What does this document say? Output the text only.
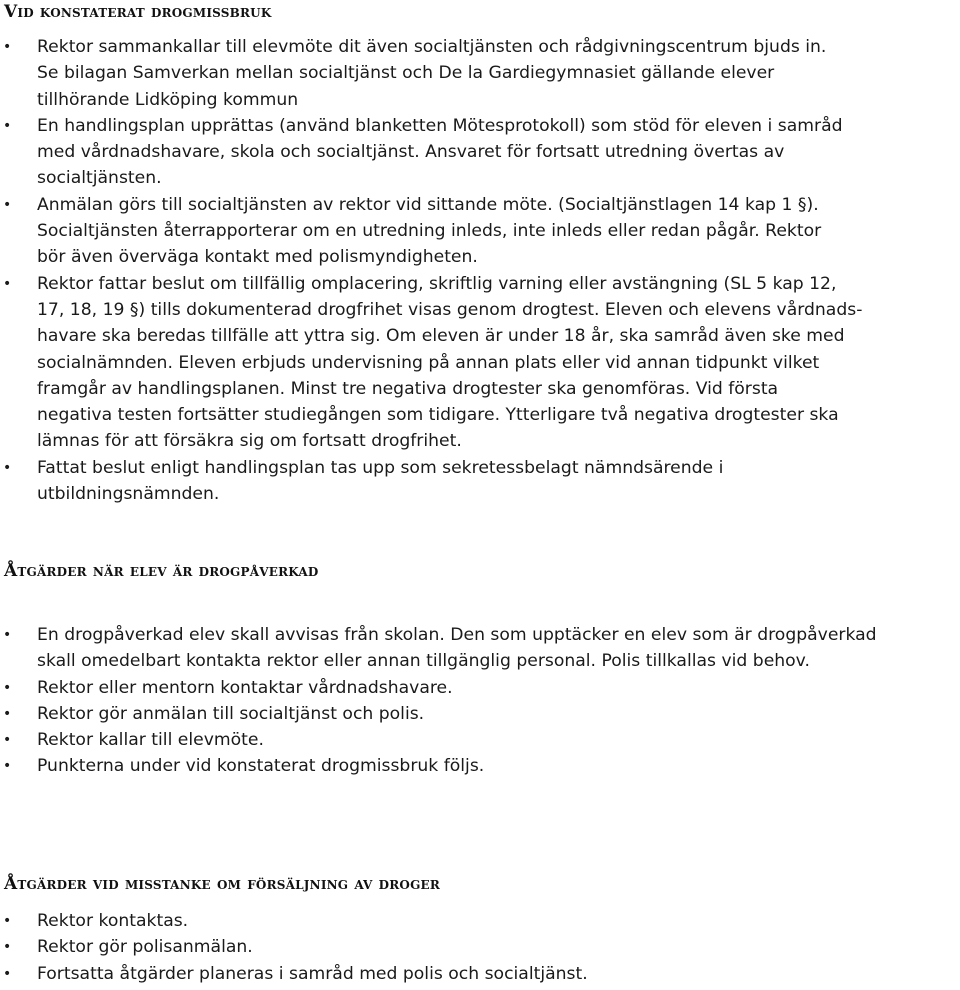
Vid konstaterat drogmissbruk
• Rektor sammankallar till elevmöte dit även socialtjänsten och rådgivningscentrum bjuds in.
Se bilagan Samverkan mellan socialtjänst och De la Gardiegymnasiet gällande elever
tillhörande Lidköping kommun
• En handlingsplan upprättas (använd blanketten Mötesprotokoll) som stöd för eleven i samråd
med vårdnadshavare, skola och socialtjänst. Ansvaret för fortsatt utredning övertas av
socialtjänsten.
• Anmälan görs till socialtjänsten av rektor vid sittande möte. (Socialtjänstlagen 14 kap 1 §).
Socialtjänsten återrapporterar om en utredning inleds, inte inleds eller redan pågår. Rektor
bör även överväga kontakt med polismyndigheten.
• Rektor fattar beslut om tillfällig omplacering, skriftlig varning eller avstängning (SL 5 kap 12,
17, 18, 19 §) tills dokumenterad drogfrihet visas genom drogtest. Eleven och elevens vårdnads-
havare ska beredas tillfälle att yttra sig. Om eleven är under 18 år, ska samråd även ske med
socialnämnden. Eleven erbjuds undervisning på annan plats eller vid annan tidpunkt vilket
framgår av handlingsplanen. Minst tre negativa drogtester ska genomföras. Vid första
negativa testen fortsätter studiegången som tidigare. Ytterligare två negativa drogtester ska
lämnas för att försäkra sig om fortsatt drogfrihet.
• Fattat beslut enligt handlingsplan tas upp som sekretessbelagt nämndsärende i
utbildningsnämnden.
Åtgärder när elev är drogpåverkad
• En drogpåverkad elev skall avvisas från skolan. Den som upptäcker en elev som är drogpåverkad
skall omedelbart kontakta rektor eller annan tillgänglig personal. Polis tillkallas vid behov.
• Rektor eller mentorn kontaktar vårdnadshavare.
• Rektor gör anmälan till socialtjänst och polis.
• Rektor kallar till elevmöte.
• Punkterna under vid konstaterat drogmissbruk följs.
Åtgärder vid misstanke om försäljning av droger
• Rektor kontaktas.
• Rektor gör polisanmälan.
• Fortsatta åtgärder planeras i samråd med polis och socialtjänst.
